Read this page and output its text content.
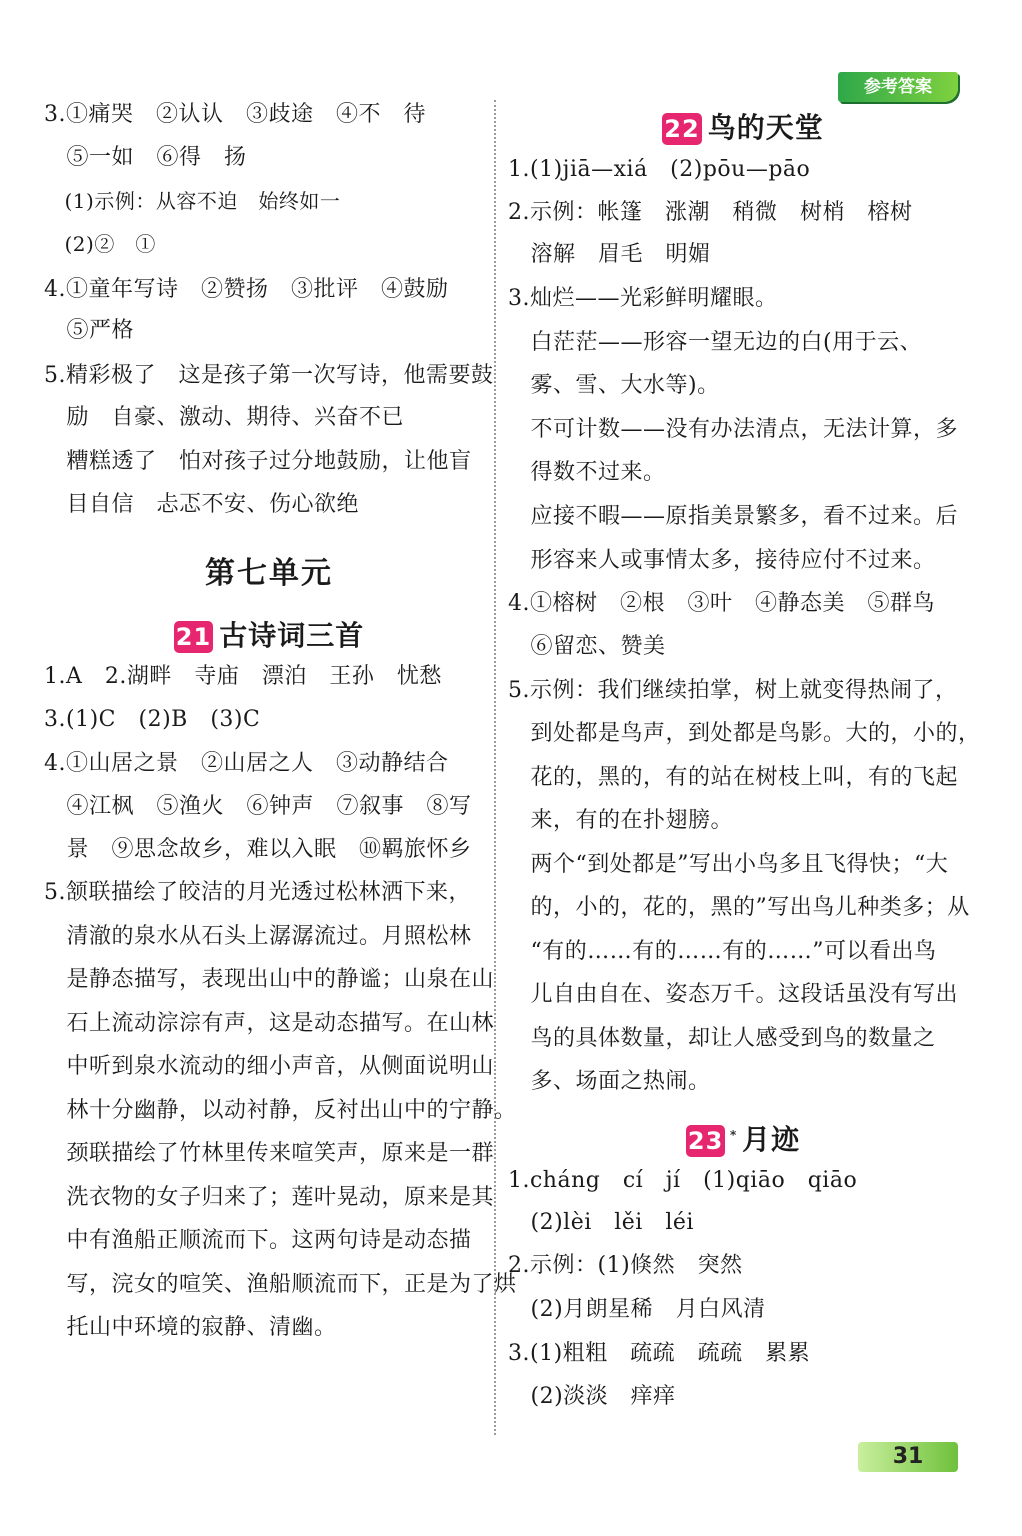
参考答案
3.①痛哭　②认认　③歧途　④不　待
　⑤一如　⑥得　扬
　(1)示例：从容不迫　始终如一
　(2)②　①
4.①童年写诗　②赞扬　③批评　④鼓励
　⑤严格
5.精彩极了　这是孩子第一次写诗，他需要鼓
　励　自豪、激动、期待、兴奋不已
　糟糕透了　怕对孩子过分地鼓励，让他盲
　目自信　忐忑不安、伤心欲绝
第七单元
21 古诗词三首
1.A　2.湖畔　寺庙　漂泊　王孙　忧愁
3.(1)C　(2)B　(3)C
4.①山居之景　②山居之人　③动静结合
　④江枫　⑤渔火　⑥钟声　⑦叙事　⑧写
　景　⑨思念故乡，难以入眠　⑩羁旅怀乡
5.颔联描绘了皎洁的月光透过松林洒下来，
　清澈的泉水从石头上潺潺流过。月照松林
　是静态描写，表现出山中的静谧；山泉在山
　石上流动淙淙有声，这是动态描写。在山林
　中听到泉水流动的细小声音，从侧面说明山
　林十分幽静，以动衬静，反衬出山中的宁静。
　颈联描绘了竹林里传来喧笑声，原来是一群
　洗衣物的女子归来了；莲叶晃动，原来是其
　中有渔船正顺流而下。这两句诗是动态描
　写，浣女的喧笑、渔船顺流而下，正是为了烘
　托山中环境的寂静、清幽。
22 鸟的天堂
1.(1)jiā—xiá　(2)pōu—pāo
2.示例：帐篷　涨潮　稍微　树梢　榕树
　溶解　眉毛　明媚
3.灿烂——光彩鲜明耀眼。
　白茫茫——形容一望无边的白(用于云、
　雾、雪、大水等)。
　不可计数——没有办法清点，无法计算，多
　得数不过来。
　应接不暇——原指美景繁多，看不过来。后
　形容来人或事情太多，接待应付不过来。
4.①榕树　②根　③叶　④静态美　⑤群鸟
　⑥留恋、赞美
5.示例：我们继续拍掌，树上就变得热闹了，
　到处都是鸟声，到处都是鸟影。大的，小的，
　花的，黑的，有的站在树枝上叫，有的飞起
　来，有的在扑翅膀。
　两个“到处都是”写出小鸟多且飞得快；“大
　的，小的，花的，黑的”写出鸟儿种类多；从
　“有的……有的……有的……”可以看出鸟
　儿自由自在、姿态万千。这段话虽没有写出
　鸟的具体数量，却让人感受到鸟的数量之
　多、场面之热闹。
23 * 月迹
1.cháng　cí　jí　(1)qiāo　qiāo
　(2)lèi　lěi　léi
2.示例：(1)倏然　突然
　(2)月朗星稀　月白风清
3.(1)粗粗　疏疏　疏疏　累累
　(2)淡淡　痒痒
31
